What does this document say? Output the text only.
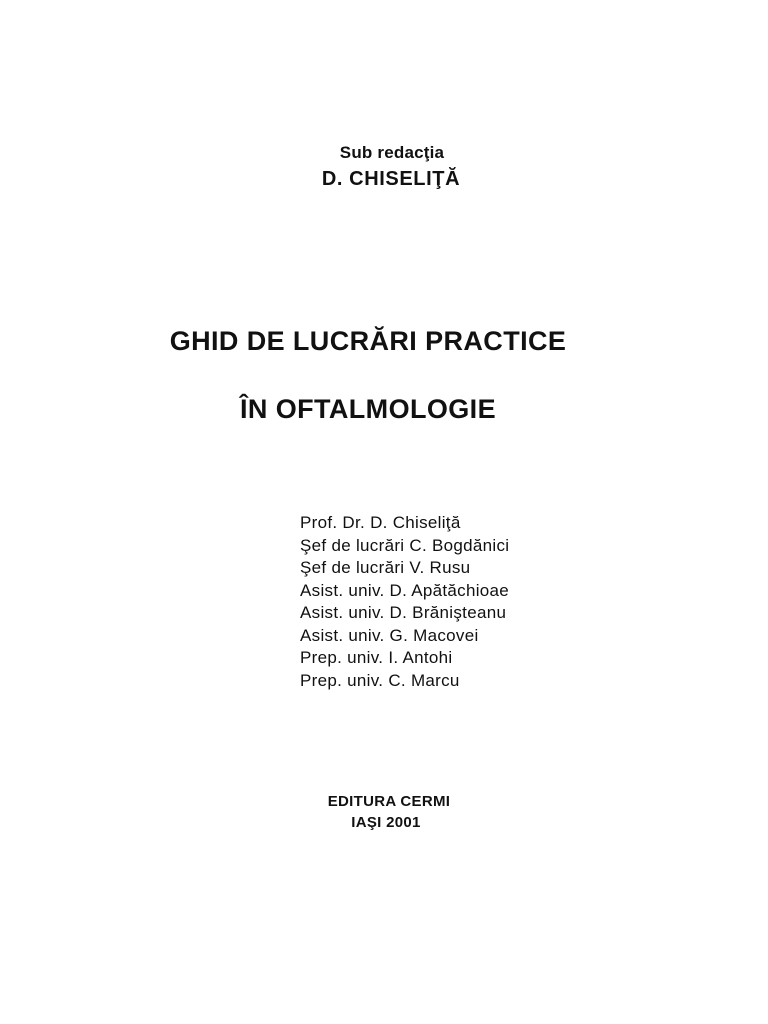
Sub redacţia
D. CHISELIŢĂ
GHID DE LUCRĂRI PRACTICE
ÎN OFTALMOLOGIE
Prof. Dr. D. Chiseliţă
Şef de lucrări C. Bogdănici
Şef de lucrări V. Rusu
Asist. univ. D. Apătăchioae
Asist. univ. D. Brănişteanu
Asist. univ. G. Macovei
Prep. univ. I. Antohi
Prep. univ. C. Marcu
EDITURA CERMI
IAŞI 2001
